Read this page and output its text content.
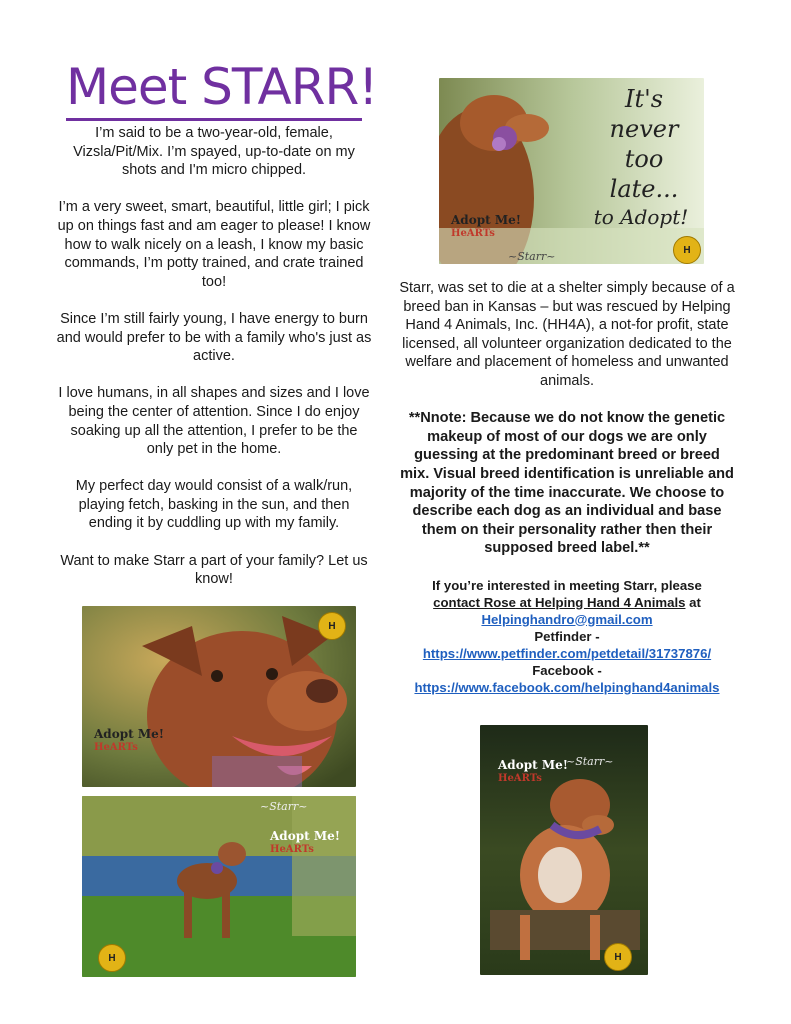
Meet STARR!

I’m said to be a two-year-old, female, Vizsla/Pit/Mix. I’m spayed, up-to-date on my shots and I'm micro chipped.

I’m a very sweet, smart, beautiful, little girl; I pick up on things fast and am eager to please! I know how to walk nicely on a leash, I know my basic commands, I’m potty trained, and crate trained too!

Since I’m still fairly young, I have energy to burn and would prefer to be with a family who's just as active.

I love humans, in all shapes and sizes and I love being the center of attention. Since I do enjoy soaking up all the attention, I prefer to be the only pet in the home.

My perfect day would consist of a walk/run, playing fetch, basking in the sun, and then ending it by cuddling up with my family.

Want to make Starr a part of your family? Let us know!

It's
never
too
late...
to Adopt!
Adopt Me!
HeARTs
H
~Starr~

Starr, was set to die at a shelter simply because of a breed ban in Kansas – but was rescued by Helping Hand 4 Animals, Inc. (HH4A), a not-for profit, state licensed, all volunteer organization dedicated to the welfare and placement of homeless and unwanted animals.

**Nnote: Because we do not know the genetic makeup of most of our dogs we are only guessing at the predominant breed or breed mix. Visual breed identification is unreliable and majority of the time inaccurate. We choose to describe each dog as an individual and base them on their personality rather then their supposed breed label.**

If you’re interested in meeting Starr, please
contact Rose at Helping Hand 4 Animals at
Helpinghandro@gmail.com
Petfinder -
https://www.petfinder.com/petdetail/31737876/
Facebook -
https://www.facebook.com/helpinghand4animals
Adopt Me!
HeARTs
H
~Starr~
Adopt Me!
HeARTs
H
Adopt Me!
HeARTs
~Starr~
H
